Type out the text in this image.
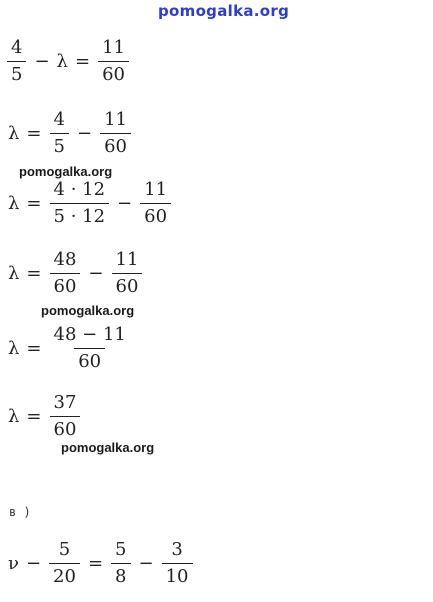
pomogalka.org
$\frac{4}{5} - \lambda = \frac{11}{60}$
$\lambda = \frac{4}{5} - \frac{11}{60}$
pomogalka.org
$\lambda = \frac{4 \cdot 12}{5 \cdot 12} - \frac{11}{60}$
$\lambda = \frac{48}{60} - \frac{11}{60}$
pomogalka.org
$\lambda = \frac{48 - 11}{60}$
$\lambda = \frac{37}{60}$
pomogalka.org
в )
$\nu - \frac{5}{20} = \frac{5}{8} - \frac{3}{10}$
